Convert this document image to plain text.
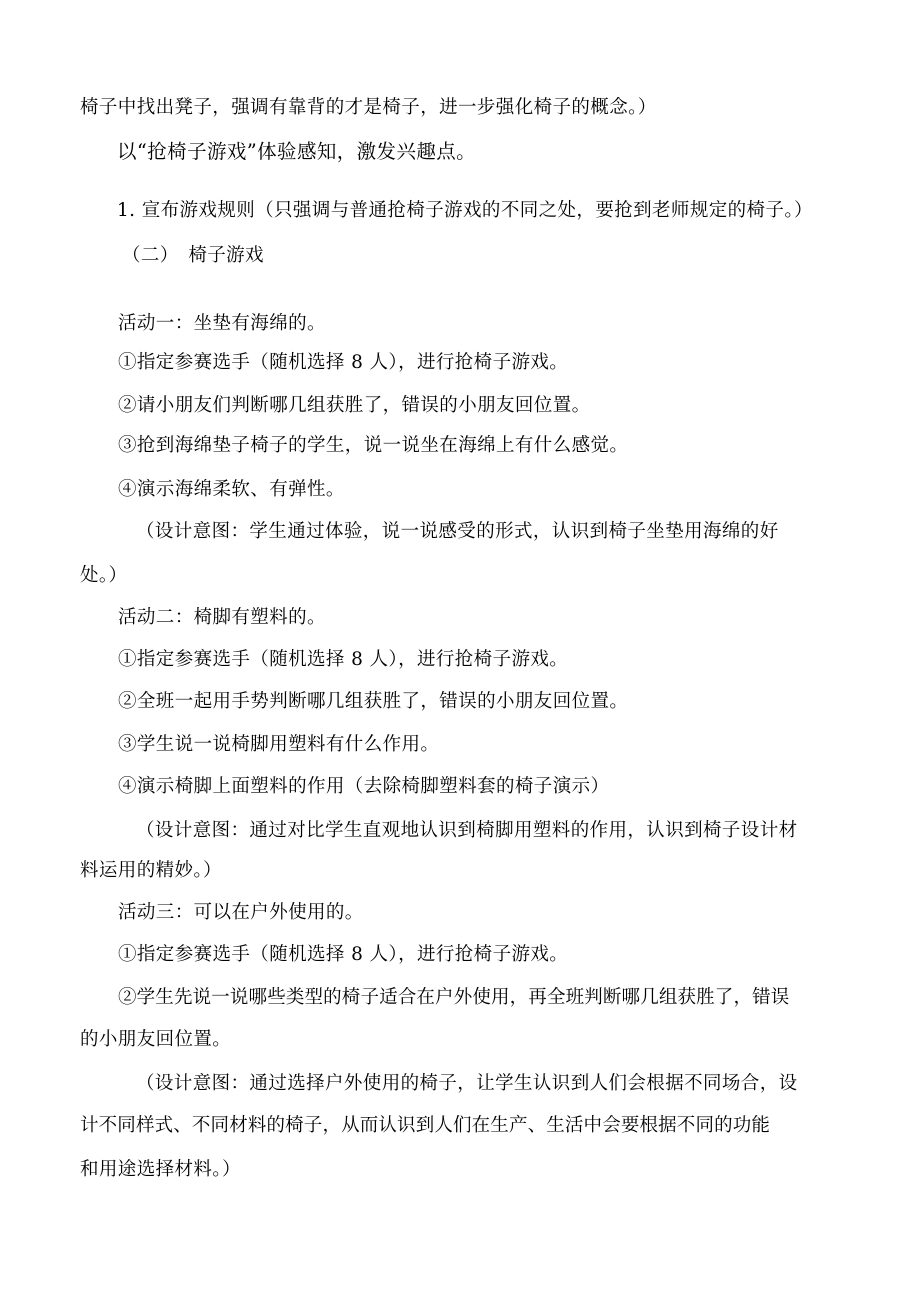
椅子中找出凳子，强调有靠背的才是椅子，进一步强化椅子的概念。）
以“抢椅子游戏”体验感知，激发兴趣点。
1. 宣布游戏规则（只强调与普通抢椅子游戏的不同之处，要抢到老师规定的椅子。）
（二）　椅子游戏
活动一：坐垫有海绵的。
①指定参赛选手（随机选择 8 人），进行抢椅子游戏。
②请小朋友们判断哪几组获胜了，错误的小朋友回位置。
③抢到海绵垫子椅子的学生，说一说坐在海绵上有什么感觉。
④演示海绵柔软、有弹性。
（设计意图：学生通过体验，说一说感受的形式，认识到椅子坐垫用海绵的好
处。）
活动二：椅脚有塑料的。
①指定参赛选手（随机选择 8 人），进行抢椅子游戏。
②全班一起用手势判断哪几组获胜了，错误的小朋友回位置。
③学生说一说椅脚用塑料有什么作用。
④演示椅脚上面塑料的作用（去除椅脚塑料套的椅子演示）
（设计意图：通过对比学生直观地认识到椅脚用塑料的作用，认识到椅子设计材
料运用的精妙。）
活动三：可以在户外使用的。
①指定参赛选手（随机选择 8 人），进行抢椅子游戏。
②学生先说一说哪些类型的椅子适合在户外使用，再全班判断哪几组获胜了，错误
的小朋友回位置。
（设计意图：通过选择户外使用的椅子，让学生认识到人们会根据不同场合，设
计不同样式、不同材料的椅子，从而认识到人们在生产、生活中会要根据不同的功能
和用途选择材料。）
